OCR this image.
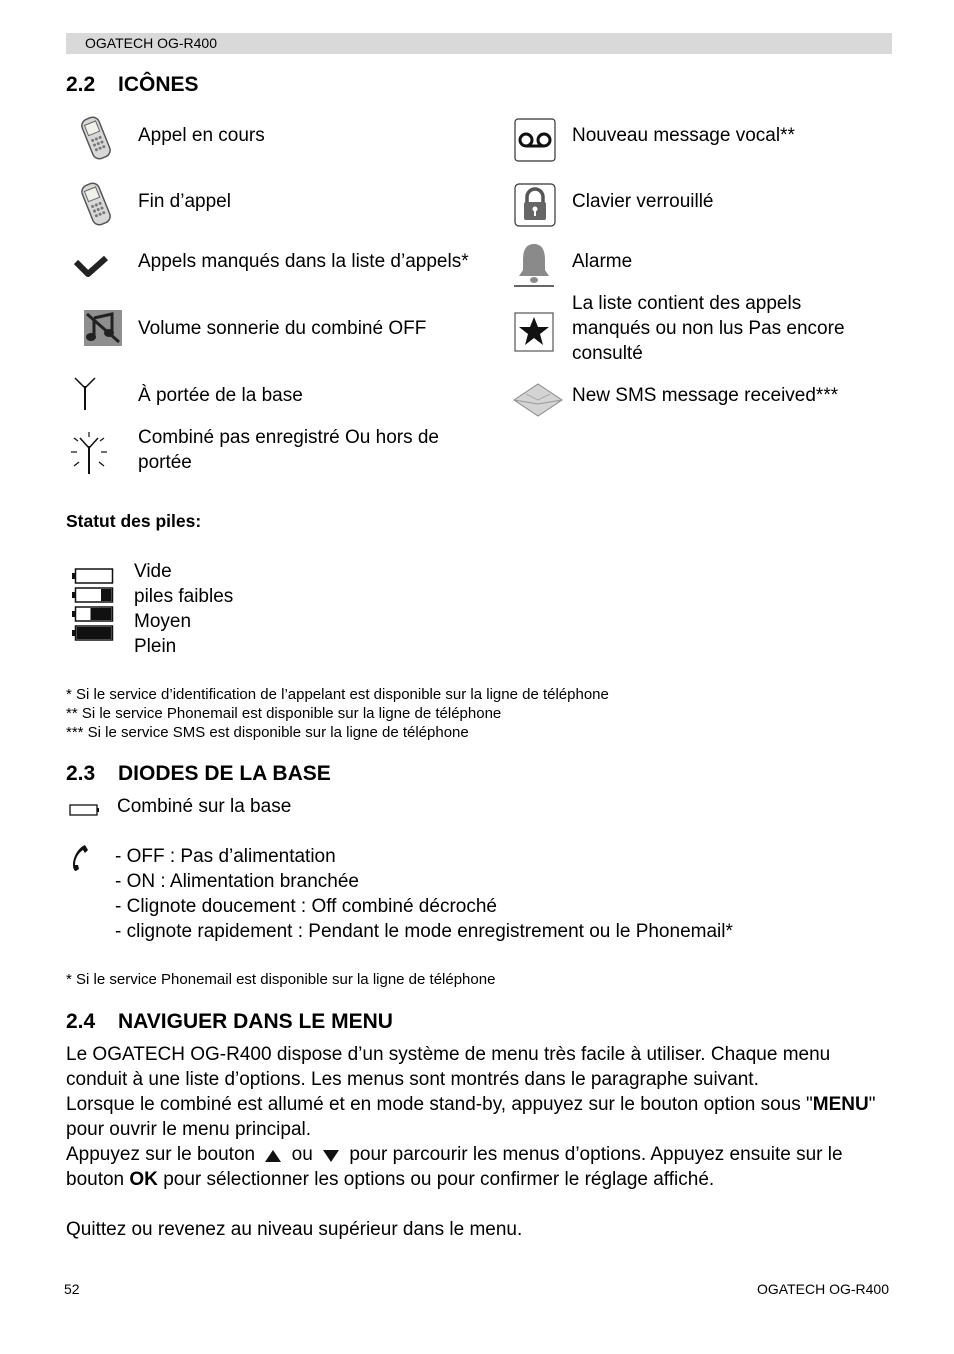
OGATECH OG-R400
2.2 ICÔNES
Appel en cours
Fin d’appel
Appels manqués dans la liste d’appels*
Volume sonnerie du combiné OFF
À portée de la base
Combiné pas enregistré Ou hors de portée
Nouveau message vocal**
Clavier verrouillé
Alarme
La liste contient des appels manqués ou non lus Pas encore consulté
New SMS message received***
Statut des piles:
Vide
piles faibles
Moyen
Plein
* Si le service d’identification de l’appelant est disponible sur la ligne de téléphone
** Si le service Phonemail est disponible sur la ligne de téléphone
*** Si le service SMS est disponible sur la ligne de téléphone
2.3 DIODES DE LA BASE
Combiné sur la base
- OFF : Pas d’alimentation
- ON : Alimentation branchée
- Clignote doucement : Off combiné décroché
- clignote rapidement : Pendant le mode enregistrement ou le Phonemail*
* Si le service Phonemail est disponible sur la ligne de téléphone
2.4 NAVIGUER DANS LE MENU
Le OGATECH OG-R400 dispose d’un système de menu très facile à utiliser. Chaque menu conduit à une liste d’options. Les menus sont montrés dans le paragraphe suivant.
Lorsque le combiné est allumé et en mode stand-by, appuyez sur le bouton option sous "MENU" pour ouvrir le menu principal.
Appuyez sur le bouton ou pour parcourir les menus d’options. Appuyez ensuite sur le bouton OK pour sélectionner les options ou pour confirmer le réglage affiché.
Quittez ou revenez au niveau supérieur dans le menu.
52	OGATECH OG-R400
